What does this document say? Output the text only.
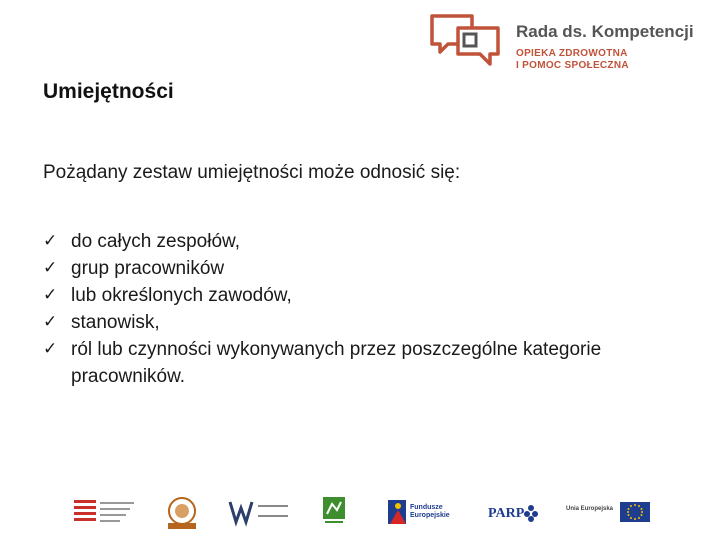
Rada ds. Kompetencji
OPIEKA ZDROWOTNA
I POMOC SPOŁECZNA
Umiejętności
Pożądany zestaw umiejętności może odnosić się:
✓ do całych zespołów,
✓ grup pracowników
✓ lub określonych zawodów,
✓ stanowisk,
✓ ról lub czynności wykonywanych przez poszczególne kategorie pracowników.
Fundusze
Europejskie	PARP	Unia Europejska
